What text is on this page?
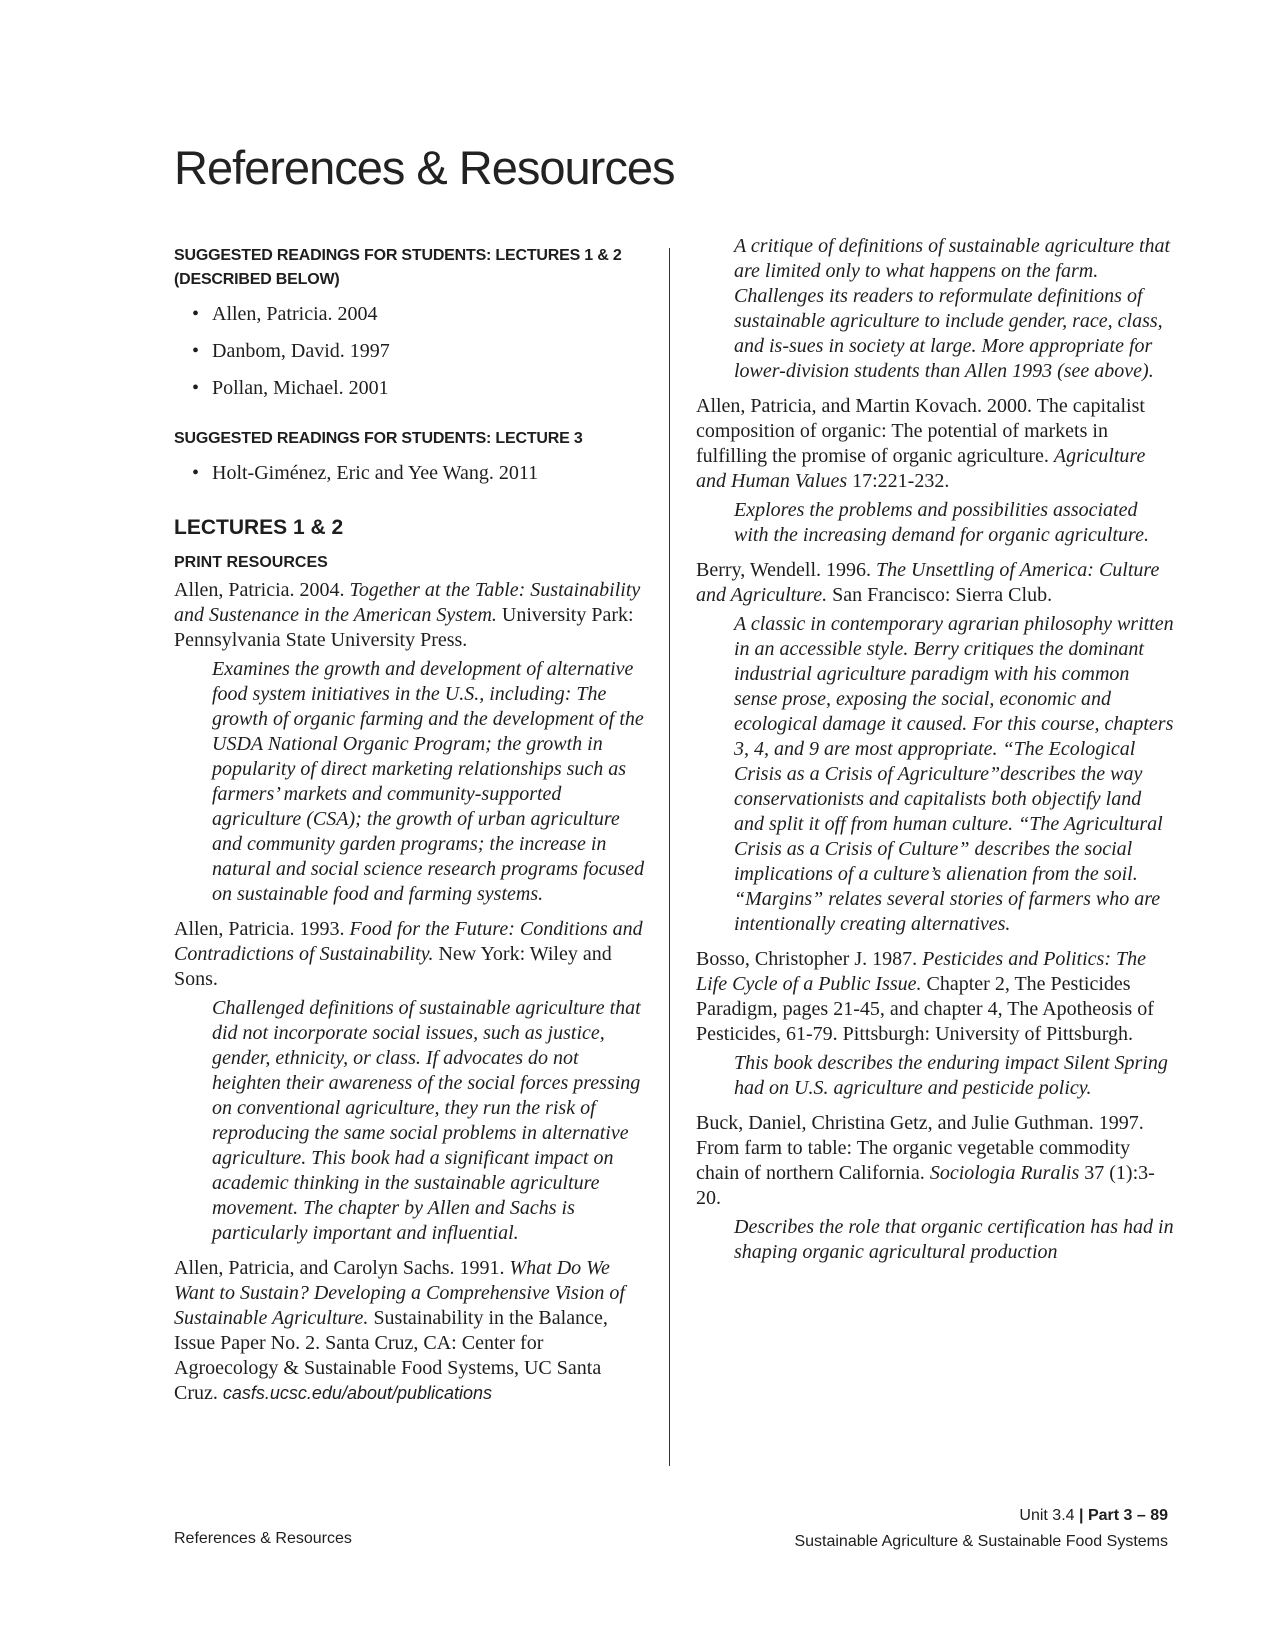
References & Resources

SUGGESTED READINGS FOR STUDENTS: LECTURES 1 & 2 (DESCRIBED BELOW)

• Allen, Patricia. 2004
• Danbom, David. 1997
• Pollan, Michael. 2001

SUGGESTED READINGS FOR STUDENTS: LECTURE 3

• Holt-Giménez, Eric and Yee Wang. 2011
LECTURES 1 & 2

PRINT RESOURCES

Allen, Patricia. 2004. Together at the Table: Sustainability and Sustenance in the American System. University Park: Pennsylvania State University Press.

Examines the growth and development of alternative food system initiatives in the U.S., including: The growth of organic farming and the development of the USDA National Organic Program; the growth in popularity of direct marketing relationships such as farmers’ markets and community-supported agriculture (CSA); the growth of urban agriculture and community garden programs; the increase in natural and social science research programs focused on sustainable food and farming systems.

Allen, Patricia. 1993. Food for the Future: Conditions and Contradictions of Sustainability. New York: Wiley and Sons.

Challenged definitions of sustainable agriculture that did not incorporate social issues, such as justice, gender, ethnicity, or class. If advocates do not heighten their awareness of the social forces pressing on conventional agriculture, they run the risk of reproducing the same social problems in alternative agriculture. This book had a significant impact on academic thinking in the sustainable agriculture movement. The chapter by Allen and Sachs is particularly important and influential.

Allen, Patricia, and Carolyn Sachs. 1991. What Do We Want to Sustain? Developing a Comprehensive Vision of Sustainable Agriculture. Sustainability in the Balance, Issue Paper No. 2. Santa Cruz, CA: Center for Agroecology & Sustainable Food Systems, UC Santa Cruz. casfs.ucsc.edu/about/publications

A critique of definitions of sustainable agriculture that are limited only to what happens on the farm. Challenges its readers to reformulate definitions of sustainable agriculture to include gender, race, class, and is-sues in society at large. More appropriate for lower-division students than Allen 1993 (see above).

Allen, Patricia, and Martin Kovach. 2000. The capitalist composition of organic: The potential of markets in fulfilling the promise of organic agriculture. Agriculture and Human Values 17:221-232.

Explores the problems and possibilities associated with the increasing demand for organic agriculture.

Berry, Wendell. 1996. The Unsettling of America: Culture and Agriculture. San Francisco: Sierra Club.

A classic in contemporary agrarian philosophy written in an accessible style. Berry critiques the dominant industrial agriculture paradigm with his common sense prose, exposing the social, economic and ecological damage it caused. For this course, chapters 3, 4, and 9 are most appropriate. “The Ecological Crisis as a Crisis of Agriculture”describes the way conservationists and capitalists both objectify land and split it off from human culture. “The Agricultural Crisis as a Crisis of Culture” describes the social implications of a culture’s alienation from the soil. “Margins” relates several stories of farmers who are intentionally creating alternatives.

Bosso, Christopher J. 1987. Pesticides and Politics: The Life Cycle of a Public Issue. Chapter 2, The Pesticides Paradigm, pages 21-45, and chapter 4, The Apotheosis of Pesticides, 61-79. Pittsburgh: University of Pittsburgh.

This book describes the enduring impact Silent Spring had on U.S. agriculture and pesticide policy.

Buck, Daniel, Christina Getz, and Julie Guthman. 1997. From farm to table: The organic vegetable commodity chain of northern California. Sociologia Ruralis 37 (1):3-20.

Describes the role that organic certification has had in shaping organic agricultural production

References & Resources
Unit 3.4 | Part 3 – 89
Sustainable Agriculture & Sustainable Food Systems
